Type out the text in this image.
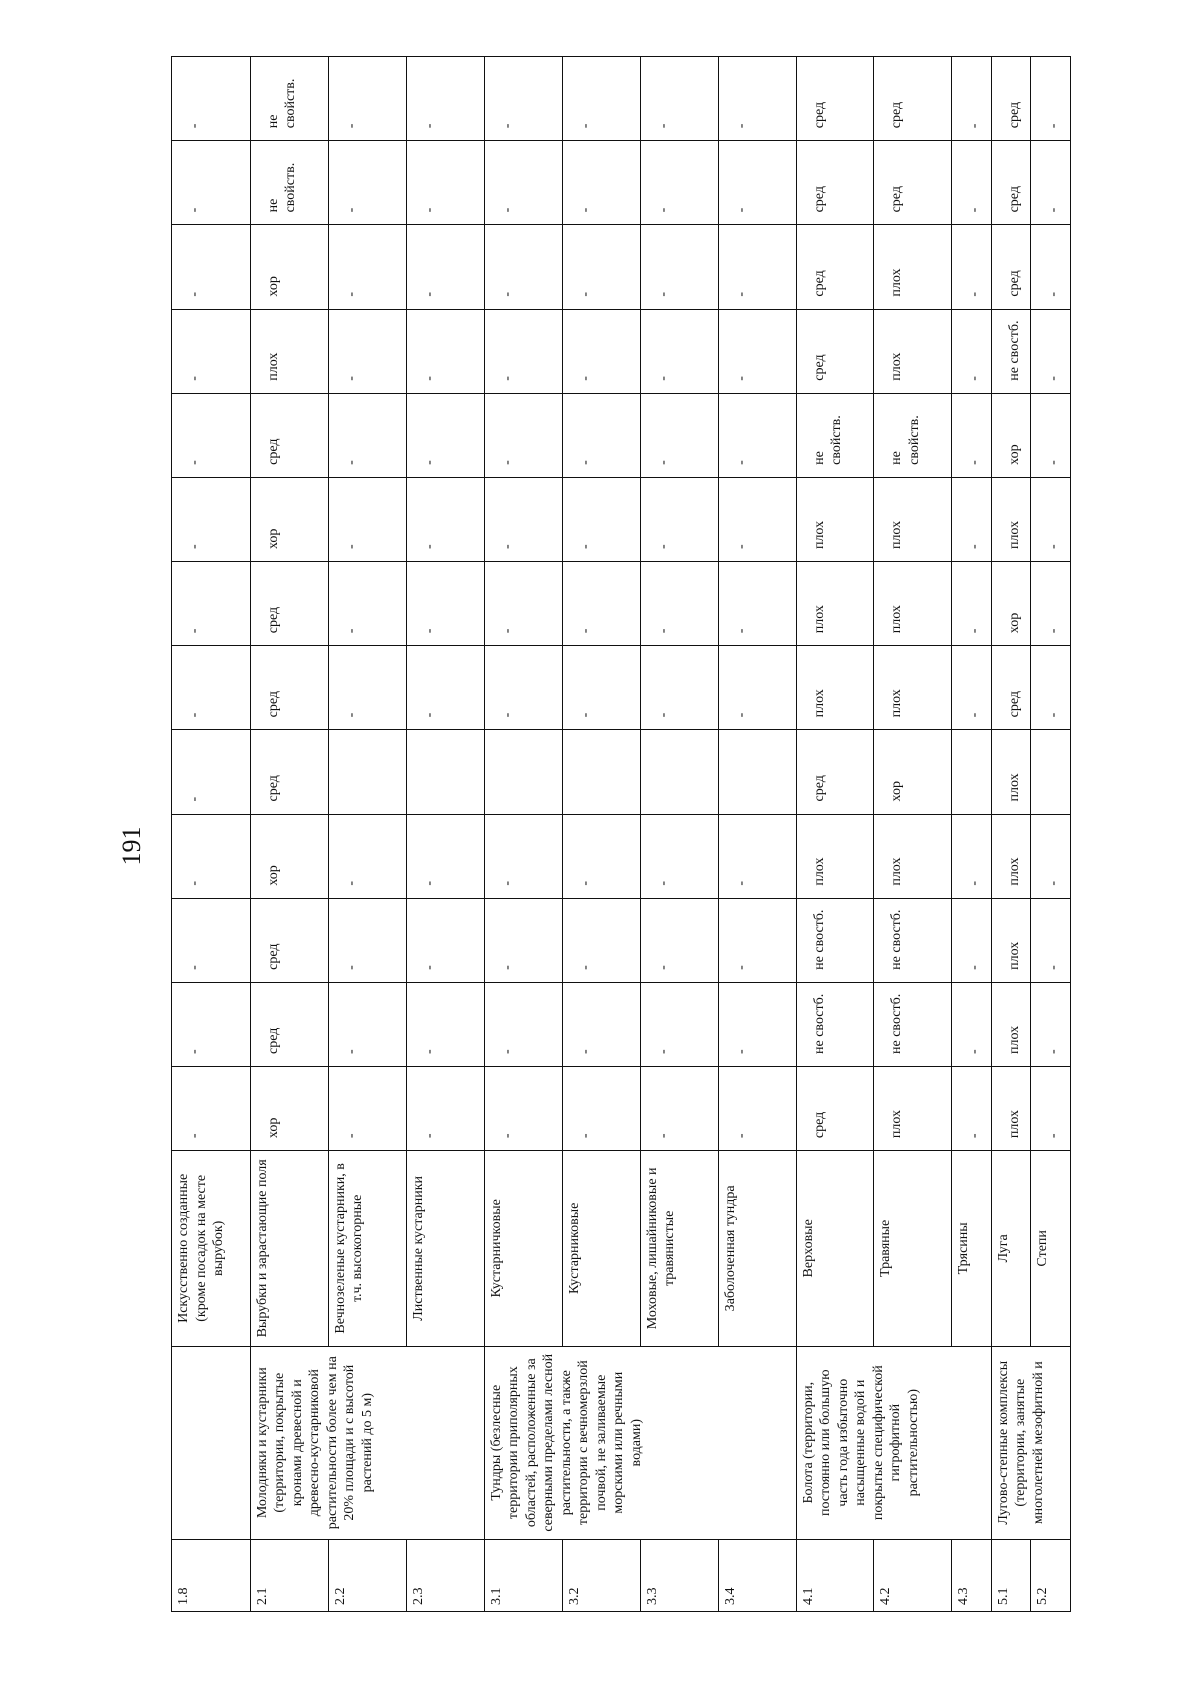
191
1.8		Искусственно созданные (кроме посадок на месте вырубок)	-	-	-	-	-	-	-	-	-	-	-	-	-
2.1	Молодняки и кустарники (территории, покрытые кронами древесной и древесно-кустарниковой растительности более чем на 20% площади и с высотой растений до 5 м)	Вырубки и зарастающие поля	хор	сред	сред	хор	сред	сред	сред	хор	сред	плох	хор	не свойств.	не свойств.
2.2		Вечнозеленые кустарники, в т.ч. высокогорные	-	-	-	-		-	-	-	-	-	-	-	-
2.3		Лиственные кустарники	-	-	-	-		-	-	-	-	-	-	-	-
3.1	Тундры (безлесные территории приполярных областей, расположенные за северными пределами лесной растительности, а также территории с вечномерзлой почвой, не заливаемые морскими или речными водами)	Кустарничковые	-	-	-	-		-	-	-	-	-	-	-	-
3.2		Кустарниковые	-	-	-	-		-	-	-	-	-	-	-	-
3.3		Моховые, лишайниковые и травянистые	-	-	-	-		-	-	-	-	-	-	-	-
3.4		Заболоченная тундра	-	-	-	-		-	-	-	-	-	-	-	-
4.1	Болота (территории, постоянно или большую часть года избыточно насыщенные водой и покрытые специфической гигрофитной растительностью)	Верховые	сред	не свостб.	не свостб.	плох	сред	плох	плох	плох	не свойств.	сред	сред	сред	сред
4.2		Травяные	плох	не свостб.	не свостб.	плох	хор	плох	плох	плох	не свойств.	плох	плох	сред	сред
4.3		Трясины	-	-	-	-		-	-	-	-	-	-	-	-
5.1	Лугово-степные комплексы (территории, занятые многолетней мезофитной и	Луга	плох	плох	плох	плох	плох	сред	хор	плох	хор	не свостб.	сред	сред	сред
5.2		Степи	-	-	-	-		-	-	-	-	-	-	-	-
